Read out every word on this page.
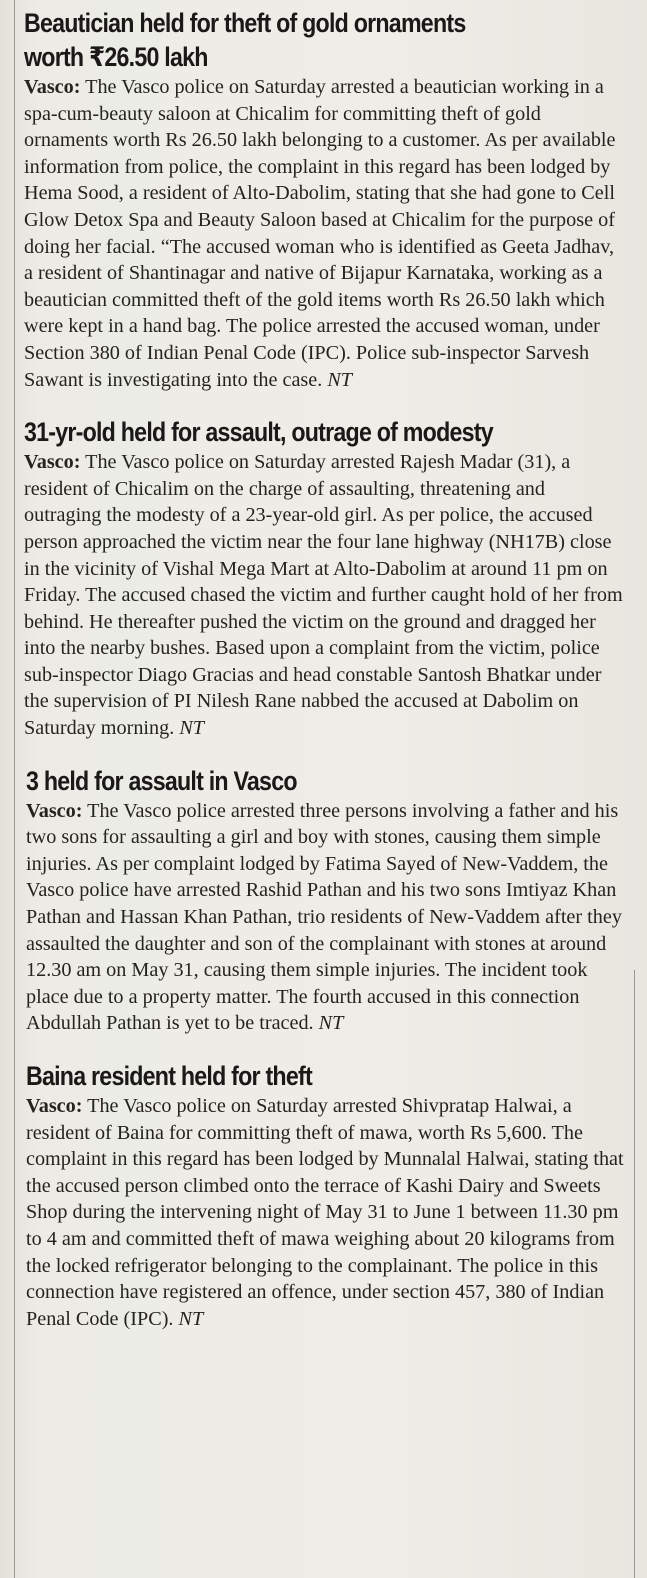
Beautician held for theft of gold ornaments
worth ₹26.50 lakh

Vasco: The Vasco police on Saturday arrested a beautician working in a spa-cum-beauty saloon at Chicalim for committing theft of gold ornaments worth Rs 26.50 lakh belonging to a customer. As per available information from police, the complaint in this regard has been lodged by Hema Sood, a resident of Alto-Dabolim, stating that she had gone to Cell Glow Detox Spa and Beauty Saloon based at Chicalim for the purpose of doing her facial. “The accused woman who is identified as Geeta Jadhav, a resident of Shantinagar and native of Bijapur Karnataka, working as a beautician committed theft of the gold items worth Rs 26.50 lakh which were kept in a hand bag. The police arrested the accused woman, under Section 380 of Indian Penal Code (IPC). Police sub-inspector Sarvesh Sawant is investigating into the case. NT

31-yr-old held for assault, outrage of modesty

Vasco: The Vasco police on Saturday arrested Rajesh Madar (31), a resident of Chicalim on the charge of assaulting, threatening and outraging the modesty of a 23-year-old girl. As per police, the accused person approached the victim near the four lane highway (NH17B) close in the vicinity of Vishal Mega Mart at Alto-Dabolim at around 11 pm on Friday. The accused chased the victim and further caught hold of her from behind. He thereafter pushed the victim on the ground and dragged her into the nearby bushes. Based upon a complaint from the victim, police sub-inspector Diago Gracias and head constable Santosh Bhatkar under the supervision of PI Nilesh Rane nabbed the accused at Dabolim on Saturday morning. NT

3 held for assault in Vasco

Vasco: The Vasco police arrested three persons involving a father and his two sons for assaulting a girl and boy with stones, causing them simple injuries. As per complaint lodged by Fatima Sayed of New-Vaddem, the Vasco police have arrested Rashid Pathan and his two sons Imtiyaz Khan Pathan and Hassan Khan Pathan, trio residents of New-Vaddem after they assaulted the daughter and son of the complainant with stones at around 12.30 am on May 31, causing them simple injuries. The incident took place due to a property matter. The fourth accused in this connection Abdullah Pathan is yet to be traced. NT

Baina resident held for theft

Vasco: The Vasco police on Saturday arrested Shivpratap Halwai, a resident of Baina for committing theft of mawa, worth Rs 5,600. The complaint in this regard has been lodged by Munnalal Halwai, stating that the accused person climbed onto the terrace of Kashi Dairy and Sweets Shop during the intervening night of May 31 to June 1 between 11.30 pm to 4 am and committed theft of mawa weighing about 20 kilograms from the locked refrigerator belonging to the complainant. The police in this connection have registered an offence, under section 457, 380 of Indian Penal Code (IPC). NT
